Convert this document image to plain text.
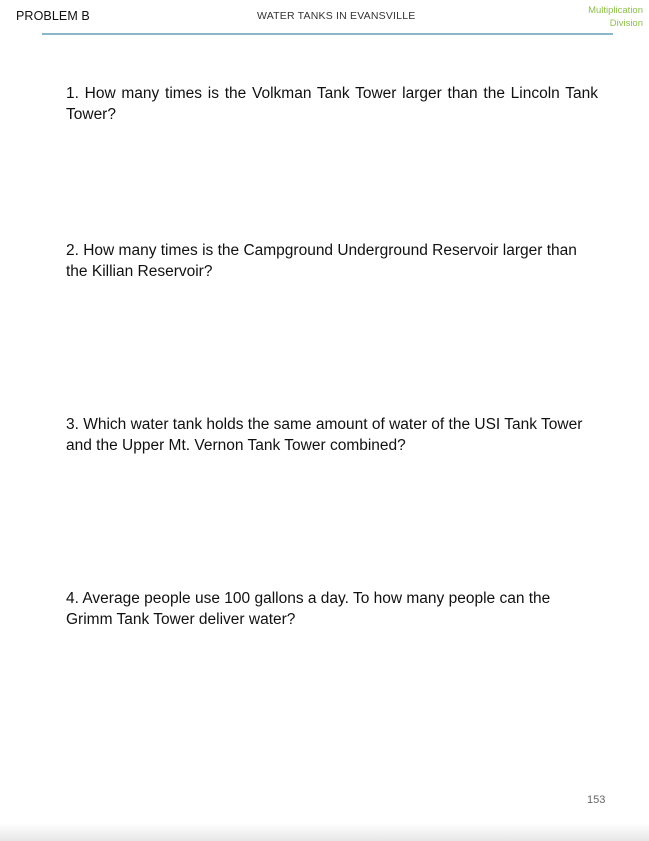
PROBLEM B	WATER TANKS IN EVANSVILLE	Multiplication
Division
1. How many times is the Volkman Tank Tower larger than the Lincoln Tank Tower?
2. How many times is the Campground Underground Reservoir larger than the Killian Reservoir?
3. Which water tank holds the same amount of water of the USI Tank Tower and the Upper Mt. Vernon Tank Tower combined?
4. Average people use 100 gallons a day. To how many people can the Grimm Tank Tower deliver water?
153
